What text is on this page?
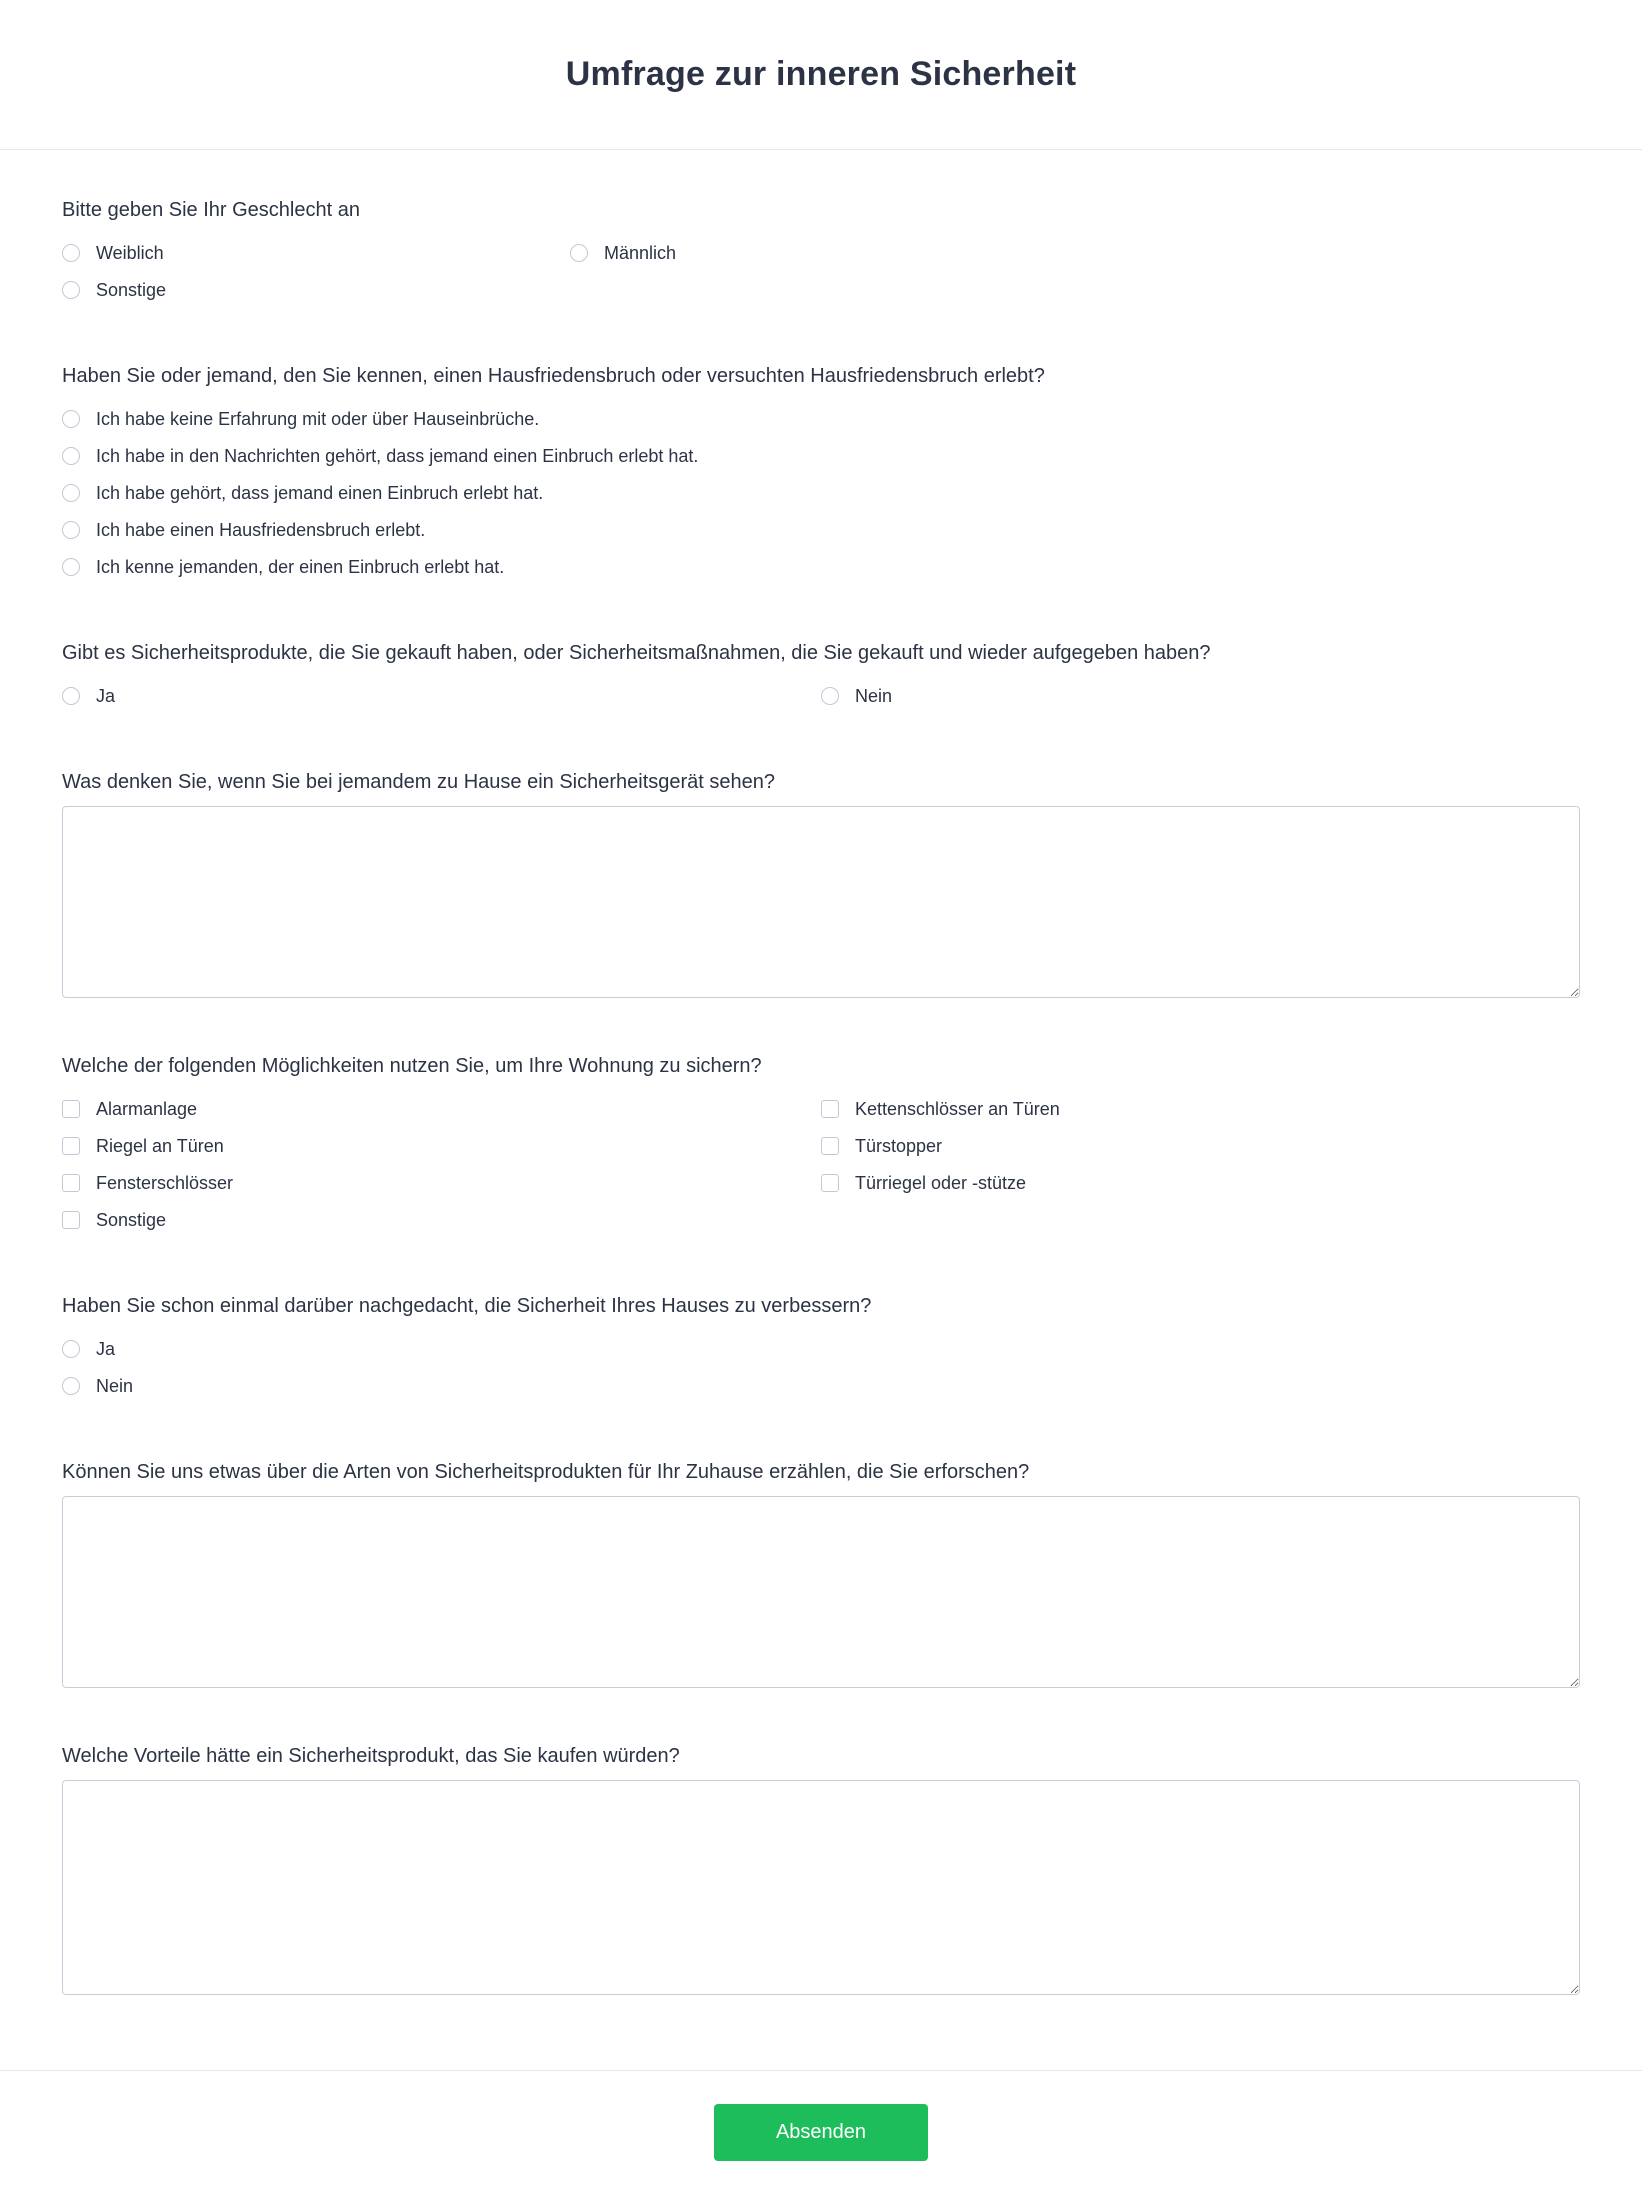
Umfrage zur inneren Sicherheit
Bitte geben Sie Ihr Geschlecht an
Weiblich	Männlich
Sonstige
Haben Sie oder jemand, den Sie kennen, einen Hausfriedensbruch oder versuchten Hausfriedensbruch erlebt?
Ich habe keine Erfahrung mit oder über Hauseinbrüche.
Ich habe in den Nachrichten gehört, dass jemand einen Einbruch erlebt hat.
Ich habe gehört, dass jemand einen Einbruch erlebt hat.
Ich habe einen Hausfriedensbruch erlebt.
Ich kenne jemanden, der einen Einbruch erlebt hat.
Gibt es Sicherheitsprodukte, die Sie gekauft haben, oder Sicherheitsmaßnahmen, die Sie gekauft und wieder aufgegeben haben?
Ja	Nein
Was denken Sie, wenn Sie bei jemandem zu Hause ein Sicherheitsgerät sehen?
Welche der folgenden Möglichkeiten nutzen Sie, um Ihre Wohnung zu sichern?
Alarmanlage	Kettenschlösser an Türen
Riegel an Türen	Türstopper
Fensterschlösser	Türriegel oder -stütze
Sonstige
Haben Sie schon einmal darüber nachgedacht, die Sicherheit Ihres Hauses zu verbessern?
Ja
Nein
Können Sie uns etwas über die Arten von Sicherheitsprodukten für Ihr Zuhause erzählen, die Sie erforschen?
Welche Vorteile hätte ein Sicherheitsprodukt, das Sie kaufen würden?
Absenden
